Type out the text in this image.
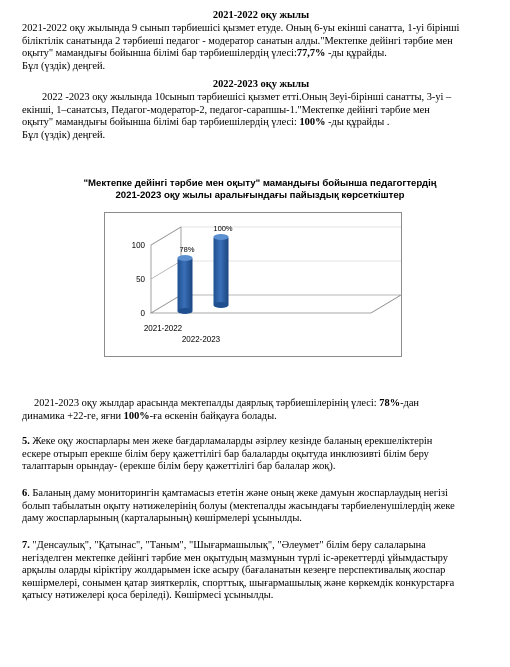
2021-2022 оқу жылы
2021-2022 оқу жылында 9 сынып тәрбиешісі қызмет етуде. Оның 6-уы екінші санатта, 1-уі бірінші
біліктілік санатында 2 тәрбиеші педагог - модератор санатын алды."Мектепке дейінгі тәрбие мен
оқыту" мамандығы бойынша білімі бар тәрбиешілердің үлесі:77,7% -ды құрайды.
Бұл (үздік) деңгей.
2022-2023 оқу жылы
2022 -2023 оқу жылында 10сынып тәрбиешісі қызмет етті.Оның 3еуі-бірінші санатты, 3-уі –
екінші, 1–санатсыз, Педагог-модератор-2, педагог-сарапшы-1."Мектепке дейінгі тәрбие мен
оқыту" мамандығы бойынша білімі бар тәрбиешілердің үлесі: 100% -ды құрайды .
Бұл (үздік) деңгей.
"Мектепке дейінгі тәрбие мен оқыту" мамандығы бойынша педагогтердің
2021-2023 оқу жылы аралығындағы пайыздық көрсеткіштер
0
50
100	78%
100%
2021-2022
2022-2023
2021-2023 оқу жылдар арасында мектепалды даярлық тәрбиешілерінің үлесі: 78%-дан
динамика +22-ге, яғни 100%-ға өскенін байқауға болады.
5. Жеке оқу жоспарлары мен жеке бағдарламаларды әзірлеу кезінде баланың ерекшеліктерін
ескере отырып ерекше білім беру қажеттілігі бар балаларды оқытуда инклюзивті білім беру
талаптарын орындау- (ерекше білім беру қажеттілігі бар балалар жоқ).
6. Баланың даму мониторингін қамтамасыз ететін және оның жеке дамуын жоспарлаудың негізі
болып табылатын оқыту нәтижелерінің болуы (мектепалды жасындағы тәрбиеленушілердің жеке
даму жоспарларының (карталарының) көшірмелері ұсынылды.
7. "Денсаулық", "Қатынас", "Таным", "Шығармашылық", "Әлеумет" білім беру салаларына
негізделген мектепке дейінгі тәрбие мен оқытудың мазмұнын түрлі іс-әрекеттерді ұйымдастыру
арқылы оларды кіріктіру жолдарымен іске асыру (бағаланатын кезеңге перспективалық жоспар
көшірмелері, сонымен қатар зияткерлік, спорттық, шығармашылық және көркемдік конкурстарға
қатысу нәтижелері қоса беріледі). Көшірмесі ұсынылды.
